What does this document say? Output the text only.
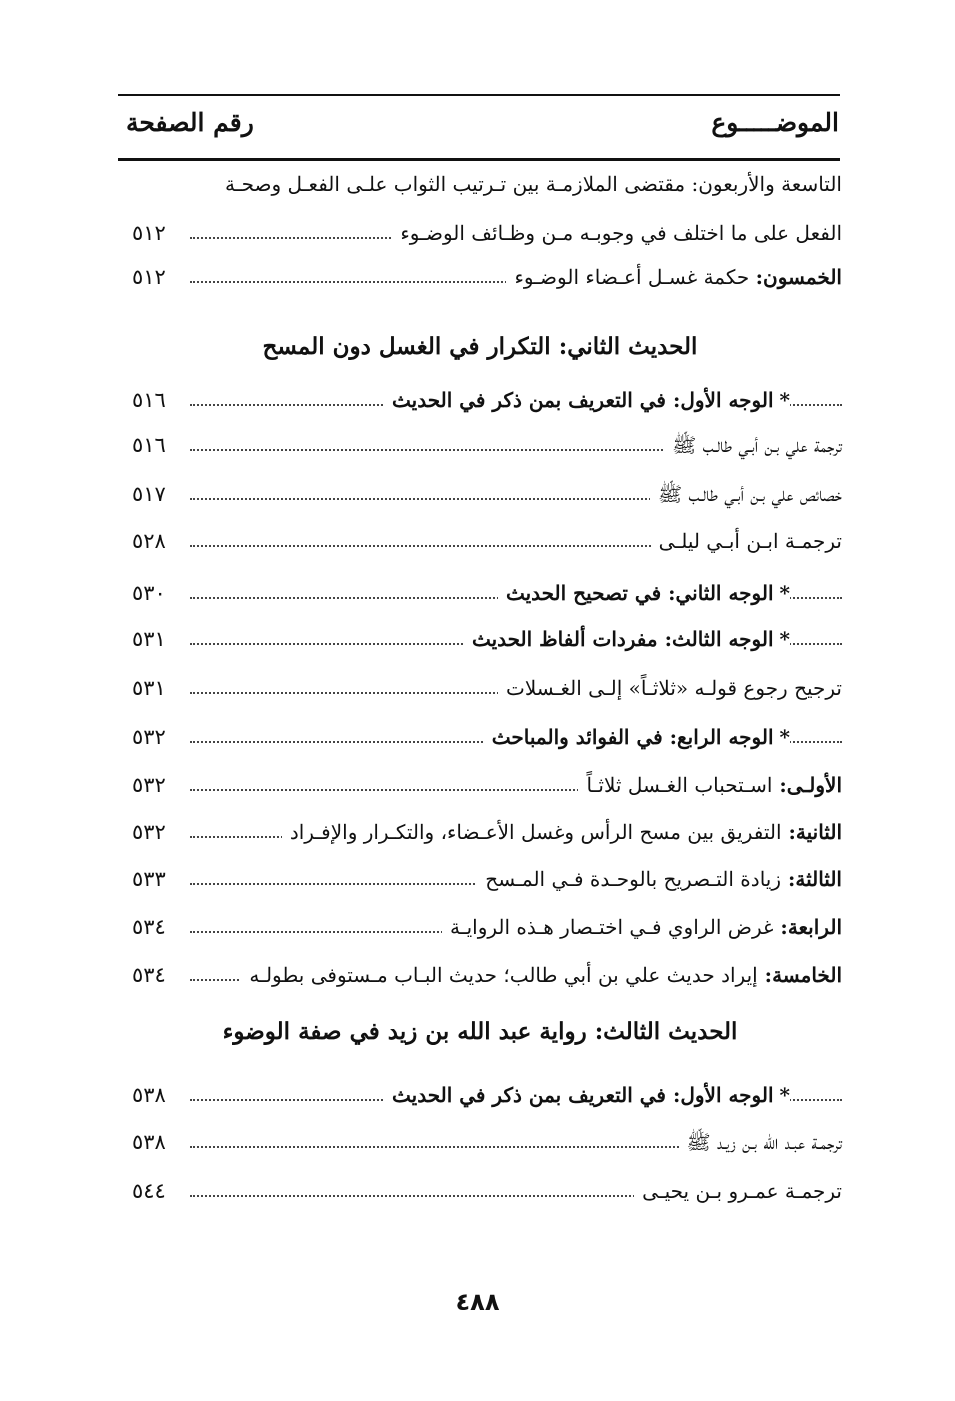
الموضـــــوع
رقم الصفحة
التاسعة والأربعون: مقتضى الملازمـة بين تـرتيب الثواب علـى الفعـل وصحـة
الفعل على ما اختلف في وجوبـه مـن وظـائف الوضـوء
٥١٢
الخمسون: حكمة غسـل أعـضاء الوضـوء
٥١٢
الحديث الثاني: التكرار في الغسل دون المسح
*الوجه الأول: في التعريف بمن ذكر في الحديث
٥١٦
ترجمة علي بـن أبـي طالـب ﷺ
٥١٦
خصائص علي بـن أبـي طالـب ﷺ
٥١٧
ترجمـة ابـن أبـي ليلـى
٥٢٨
*الوجه الثاني: في تصحيح الحديث
٥٣٠
*الوجه الثالث: مفردات ألفاظ الحديث
٥٣١
ترجيح رجوع قولـه «ثلاثـاً» إلـى الغـسلات
٥٣١
*الوجه الرابع: في الفوائد والمباحث
٥٣٢
الأولـى: اسـتحباب الغـسل ثلاثـاً
٥٣٢
الثانية: التفريق بين مسح الرأس وغسل الأعـضاء، والتكـرار والإفـراد
٥٣٢
الثالثة: زيادة التـصريح بالوحـدة فـي المـسح
٥٣٣
الرابعة: غرض الراوي فـي اختـصار هـذه الروايـة
٥٣٤
الخامسة: إيراد حديث علي بن أبي طالب؛ حديث البـاب مـستوفى بطولـه
٥٣٤
الحديث الثالث: رواية عبد الله بن زيد في صفة الوضوء
*الوجه الأول: في التعريف بمن ذكر في الحديث
٥٣٨
ترجمـة عبـد الله بـن زيـد ﷺ
٥٣٨
ترجمـة عمـرو بـن يحيـى
٥٤٤
٤٨٨
